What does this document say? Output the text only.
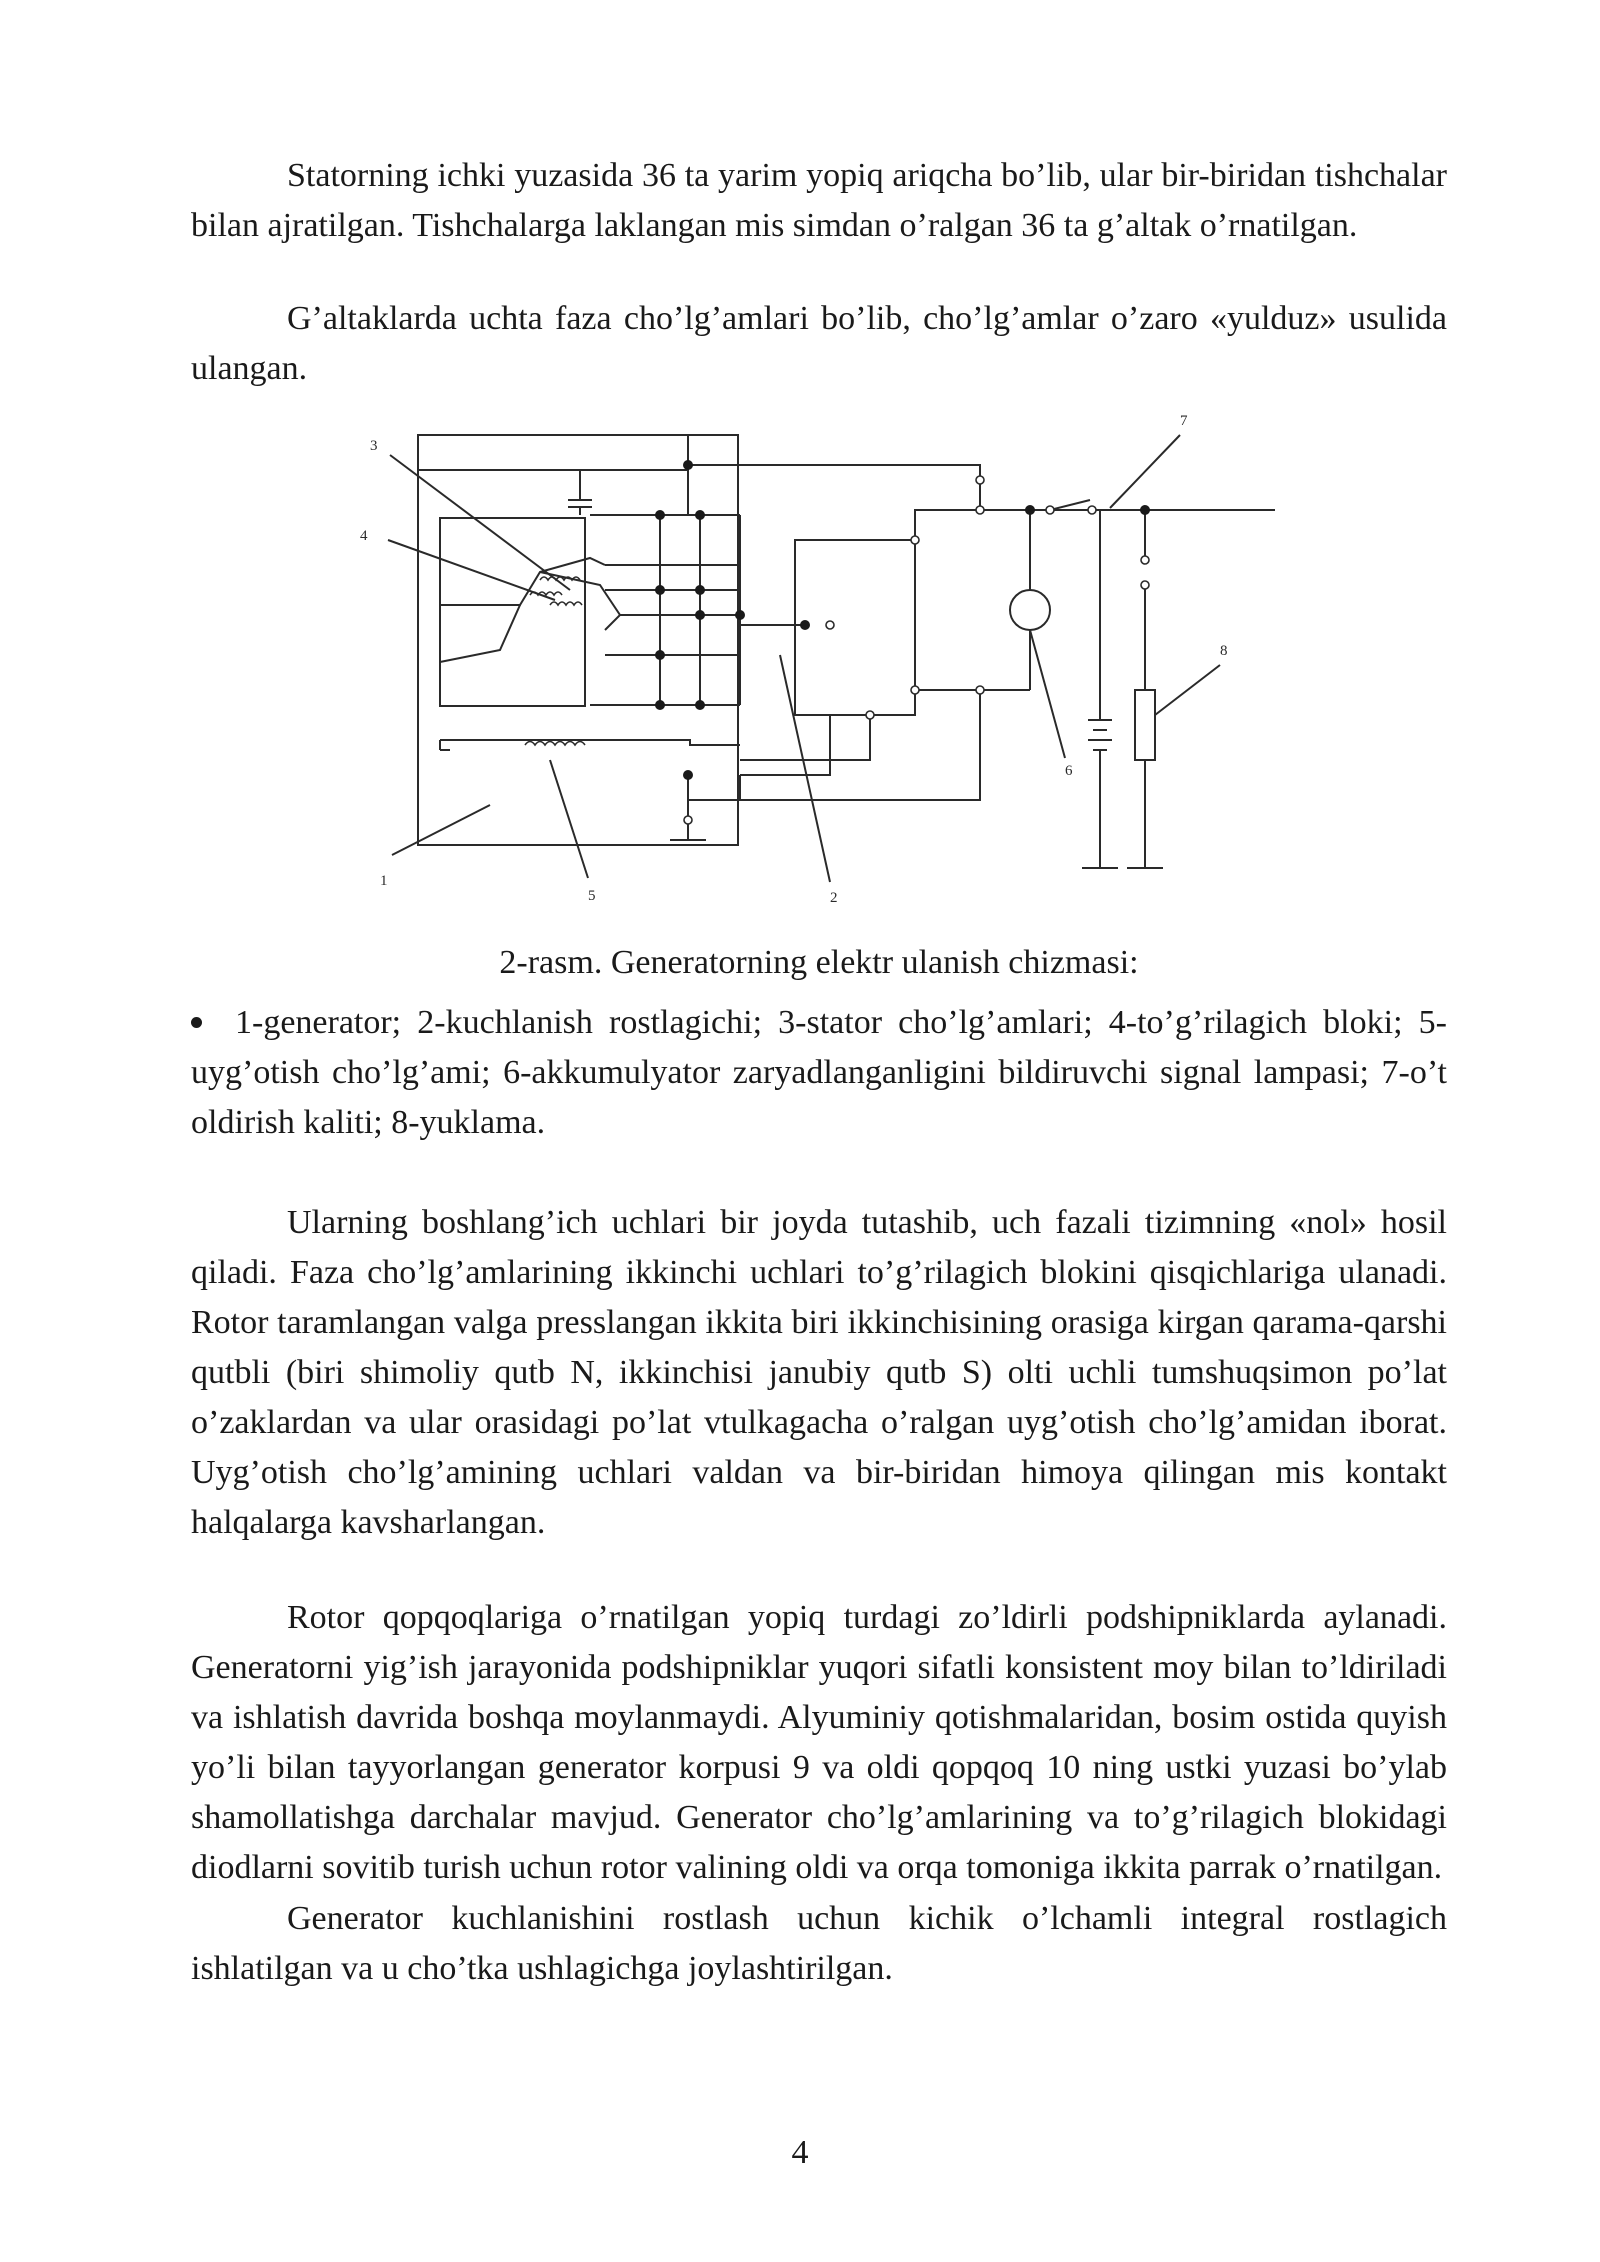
Statorning ichki yuzasida 36 ta yarim yopiq ariqcha bo’lib, ular bir-biridan tishchalar bilan ajratilgan. Tishchalarga laklangan mis simdan o’ralgan 36 ta g’altak o’rnatilgan.

G’altaklarda uchta faza cho’lg’amlari bo’lib, cho’lg’amlar o’zaro «yulduz» usulida ulangan.

1
2
3
4
5
6
7
8

2-rasm. Generatorning elektr ulanish chizmasi:

1-generator; 2-kuchlanish rostlagichi; 3-stator cho’lg’amlari; 4-to’g’rilagich bloki; 5-uyg’otish cho’lg’ami; 6-akkumulyator zaryadlanganligini bildiruvchi signal lampasi; 7-o’t oldirish kaliti; 8-yuklama.

Ularning boshlang’ich uchlari bir joyda tutashib, uch fazali tizimning «nol» hosil qiladi. Faza cho’lg’amlarining ikkinchi uchlari to’g’rilagich blokini qisqichlariga ulanadi. Rotor taramlangan valga presslangan ikkita biri ikkinchisining orasiga kirgan qarama-qarshi qutbli (biri shimoliy qutb N, ikkinchisi janubiy qutb S) olti uchli tumshuqsimon po’lat o’zaklardan va ular orasidagi po’lat vtulkagacha o’ralgan uyg’otish cho’lg’amidan iborat. Uyg’otish cho’lg’amining uchlari valdan va bir-biridan himoya qilingan mis kontakt halqalarga kavsharlangan.

Rotor qopqoqlariga o’rnatilgan yopiq turdagi zo’ldirli podshipniklarda aylanadi. Generatorni yig’ish jarayonida podshipniklar yuqori sifatli konsistent moy bilan to’ldiriladi va ishlatish davrida boshqa moylanmaydi. Alyuminiy qotishmalaridan, bosim ostida quyish yo’li bilan tayyorlangan generator korpusi 9 va oldi qopqoq 10 ning ustki yuzasi bo’ylab shamollatishga darchalar mavjud. Generator cho’lg’amlarining va to’g’rilagich blokidagi diodlarni sovitib turish uchun rotor valining oldi va orqa tomoniga ikkita parrak o’rnatilgan.

Generator kuchlanishini rostlash uchun kichik o’lchamli integral rostlagich ishlatilgan va u cho’tka ushlagichga joylashtirilgan.

4
